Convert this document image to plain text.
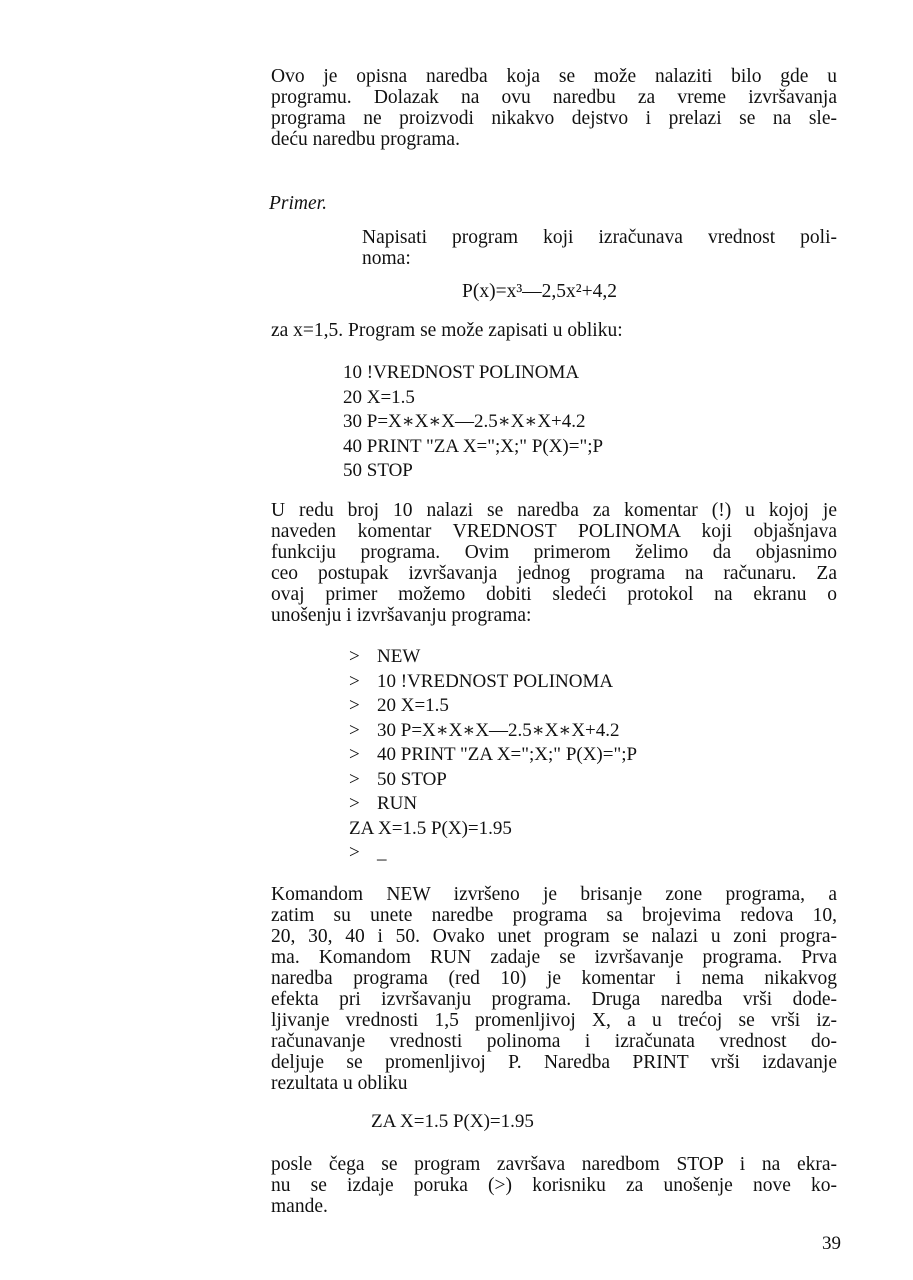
Ovo je opisna naredba koja se može nalaziti bilo gde u
programu. Dolazak na ovu naredbu za vreme izvršavanja
programa ne proizvodi nikakvo dejstvo i prelazi se na sle-
deću naredbu programa.
Primer.
Napisati program koji izračunava vrednost poli-
noma:
P(x)=x³—2,5x²+4,2
za x=1,5. Program se može zapisati u obliku:
10 !VREDNOST POLINOMA
20 X=1.5
30 P=X∗X∗X—2.5∗X∗X+4.2
40 PRINT "ZA X=";X;" P(X)=";P
50 STOP
U redu broj 10 nalazi se naredba za komentar (!) u kojoj je
naveden komentar VREDNOST POLINOMA koji objašnjava
funkciju programa. Ovim primerom želimo da objasnimo
ceo postupak izvršavanja jednog programa na računaru. Za
ovaj primer možemo dobiti sledeći protokol na ekranu o
unošenju i izvršavanju programa:
> NEW
> 10 !VREDNOST POLINOMA
> 20 X=1.5
> 30 P=X∗X∗X—2.5∗X∗X+4.2
> 40 PRINT "ZA X=";X;" P(X)=";P
> 50 STOP
> RUN
ZA X=1.5 P(X)=1.95
> _
Komandom NEW izvršeno je brisanje zone programa, a
zatim su unete naredbe programa sa brojevima redova 10,
20, 30, 40 i 50. Ovako unet program se nalazi u zoni progra-
ma. Komandom RUN zadaje se izvršavanje programa. Prva
naredba programa (red 10) je komentar i nema nikakvog
efekta pri izvršavanju programa. Druga naredba vrši dode-
ljivanje vrednosti 1,5 promenljivoj X, a u trećoj se vrši iz-
računavanje vrednosti polinoma i izračunata vrednost do-
deljuje se promenljivoj P. Naredba PRINT vrši izdavanje
rezultata u obliku
ZA X=1.5 P(X)=1.95
posle čega se program završava naredbom STOP i na ekra-
nu se izdaje poruka (>) korisniku za unošenje nove ko-
mande.
39
